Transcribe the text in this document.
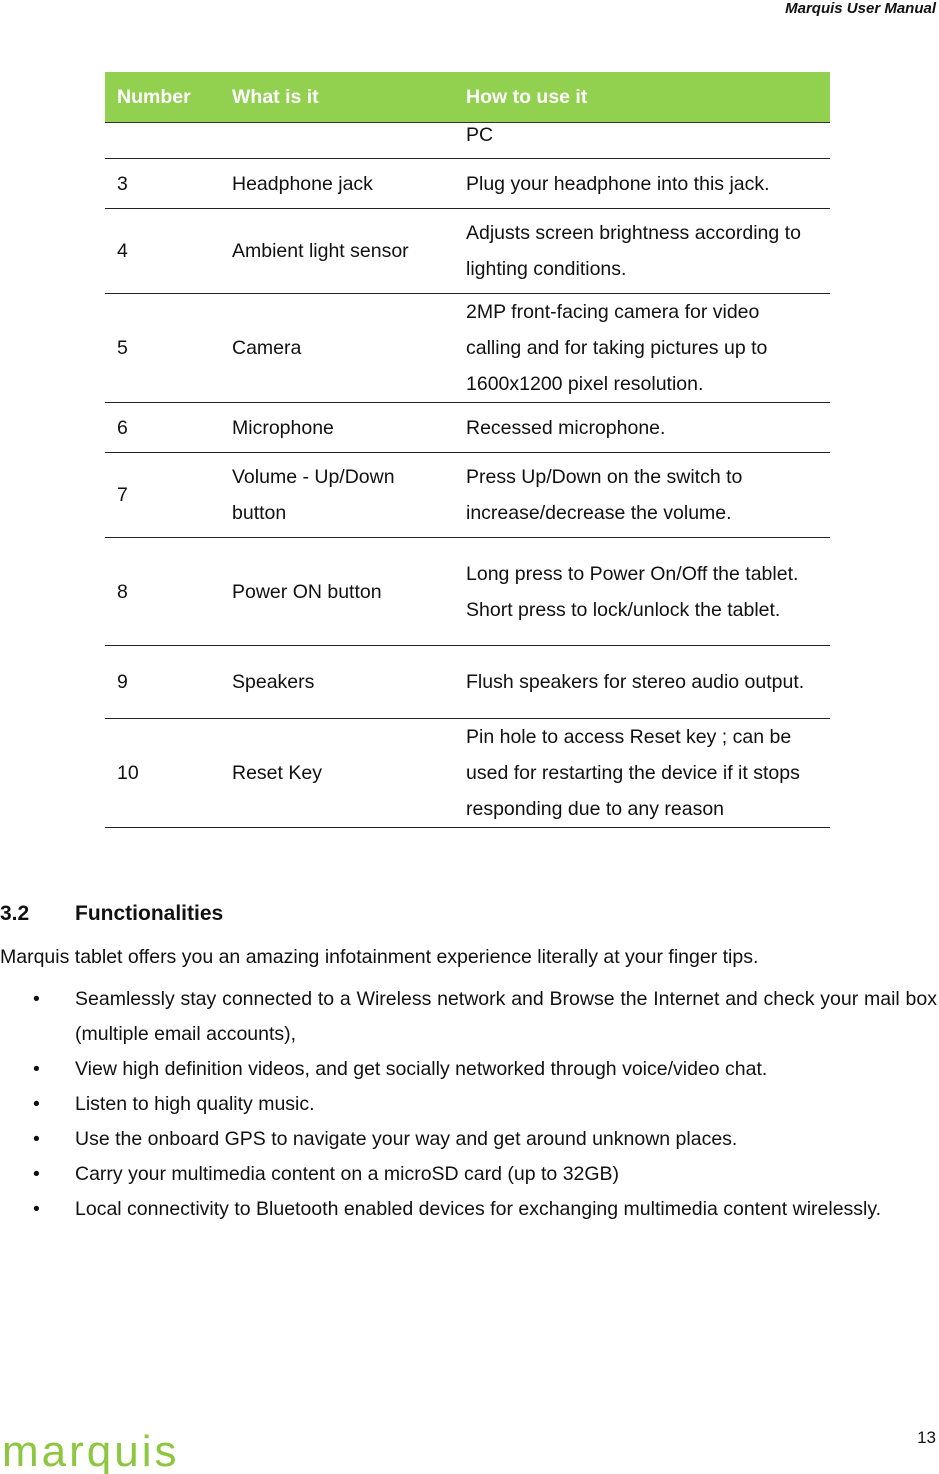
Marquis User Manual
Number	What is it	How to use it
		PC
3	Headphone jack	Plug your headphone into this jack.
4	Ambient light sensor	Adjusts screen brightness according to lighting conditions.
5	Camera	2MP front-facing camera for video calling and for taking pictures up to 1600x1200 pixel resolution.
6	Microphone	Recessed microphone.
7	Volume - Up/Down button	Press Up/Down on the switch to increase/decrease the volume.
8	Power ON button	Long press to Power On/Off the tablet. Short press to lock/unlock the tablet.
9	Speakers	Flush speakers for stereo audio output.
10	Reset Key	Pin hole to access Reset key ; can be used for restarting the device if it stops responding due to any reason
3.2 Functionalities
Marquis tablet offers you an amazing infotainment experience literally at your finger tips.
• Seamlessly stay connected to a Wireless network and Browse the Internet and check your mail box (multiple email accounts),
• View high definition videos, and get socially networked through voice/video chat.
• Listen to high quality music.
• Use the onboard GPS to navigate your way and get around unknown places.
• Carry your multimedia content on a microSD card (up to 32GB)
• Local connectivity to Bluetooth enabled devices for exchanging multimedia content wirelessly.
13
marquis
